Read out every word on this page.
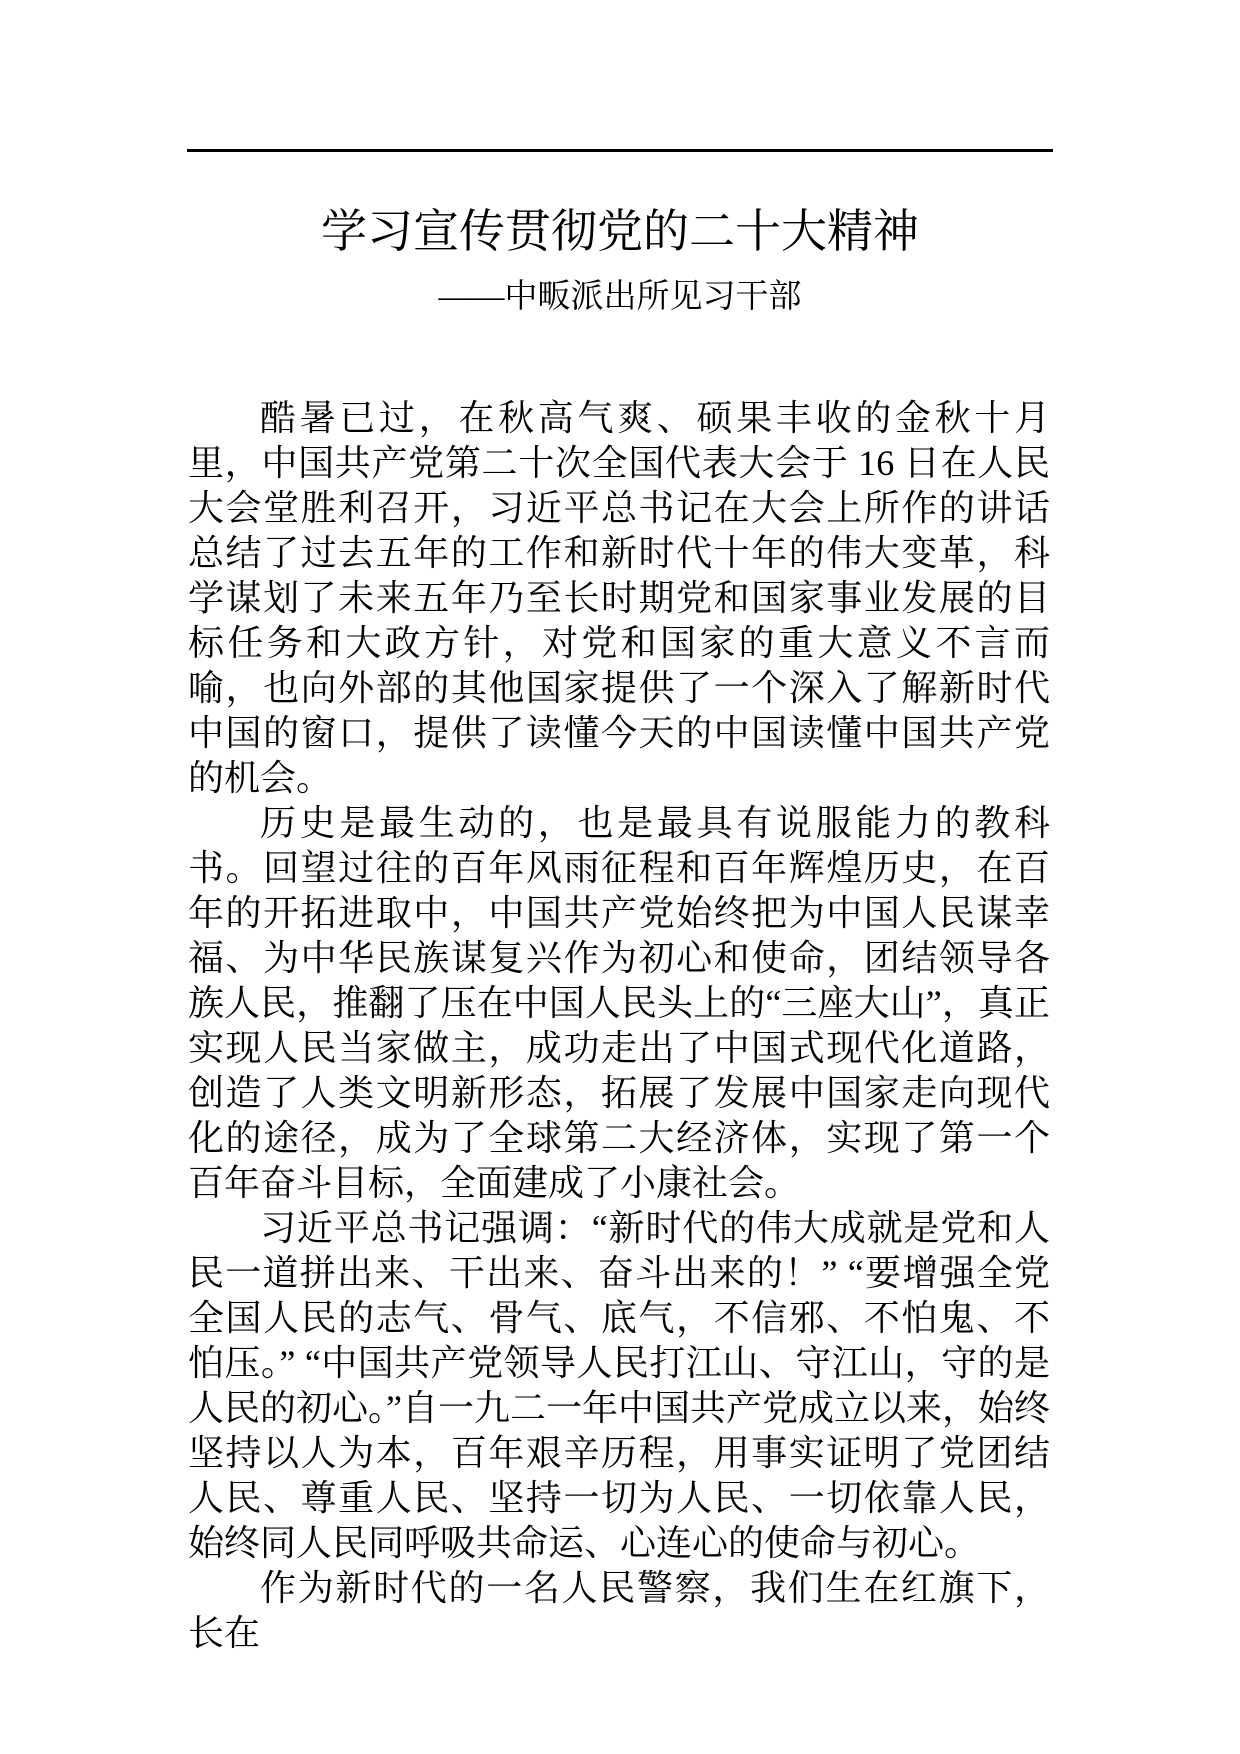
学习宣传贯彻党的二十大精神
——中畈派出所见习干部

酷暑已过，在秋高气爽、硕果丰收的金秋十月里，中国共产党第二十次全国代表大会于 16 日在人民大会堂胜利召开，习近平总书记在大会上所作的讲话总结了过去五年的工作和新时代十年的伟大变革，科学谋划了未来五年乃至长时期党和国家事业发展的目标任务和大政方针，对党和国家的重大意义不言而喻，也向外部的其他国家提供了一个深入了解新时代中国的窗口，提供了读懂今天的中国读懂中国共产党的机会。

历史是最生动的，也是最具有说服能力的教科书。回望过往的百年风雨征程和百年辉煌历史，在百年的开拓进取中，中国共产党始终把为中国人民谋幸福、为中华民族谋复兴作为初心和使命，团结领导各族人民，推翻了压在中国人民头上的“三座大山”，真正实现人民当家做主，成功走出了中国式现代化道路，创造了人类文明新形态，拓展了发展中国家走向现代化的途径，成为了全球第二大经济体，实现了第一个百年奋斗目标，全面建成了小康社会。

习近平总书记强调：“新时代的伟大成就是党和人民一道拼出来、干出来、奋斗出来的！” “要增强全党全国人民的志气、骨气、底气，不信邪、不怕鬼、不怕压。” “中国共产党领导人民打江山、守江山，守的是人民的初心。”自一九二一年中国共产党成立以来，始终坚持以人为本，百年艰辛历程，用事实证明了党团结人民、尊重人民、坚持一切为人民、一切依靠人民，始终同人民同呼吸共命运、心连心的使命与初心。

作为新时代的一名人民警察，我们生在红旗下，长在
